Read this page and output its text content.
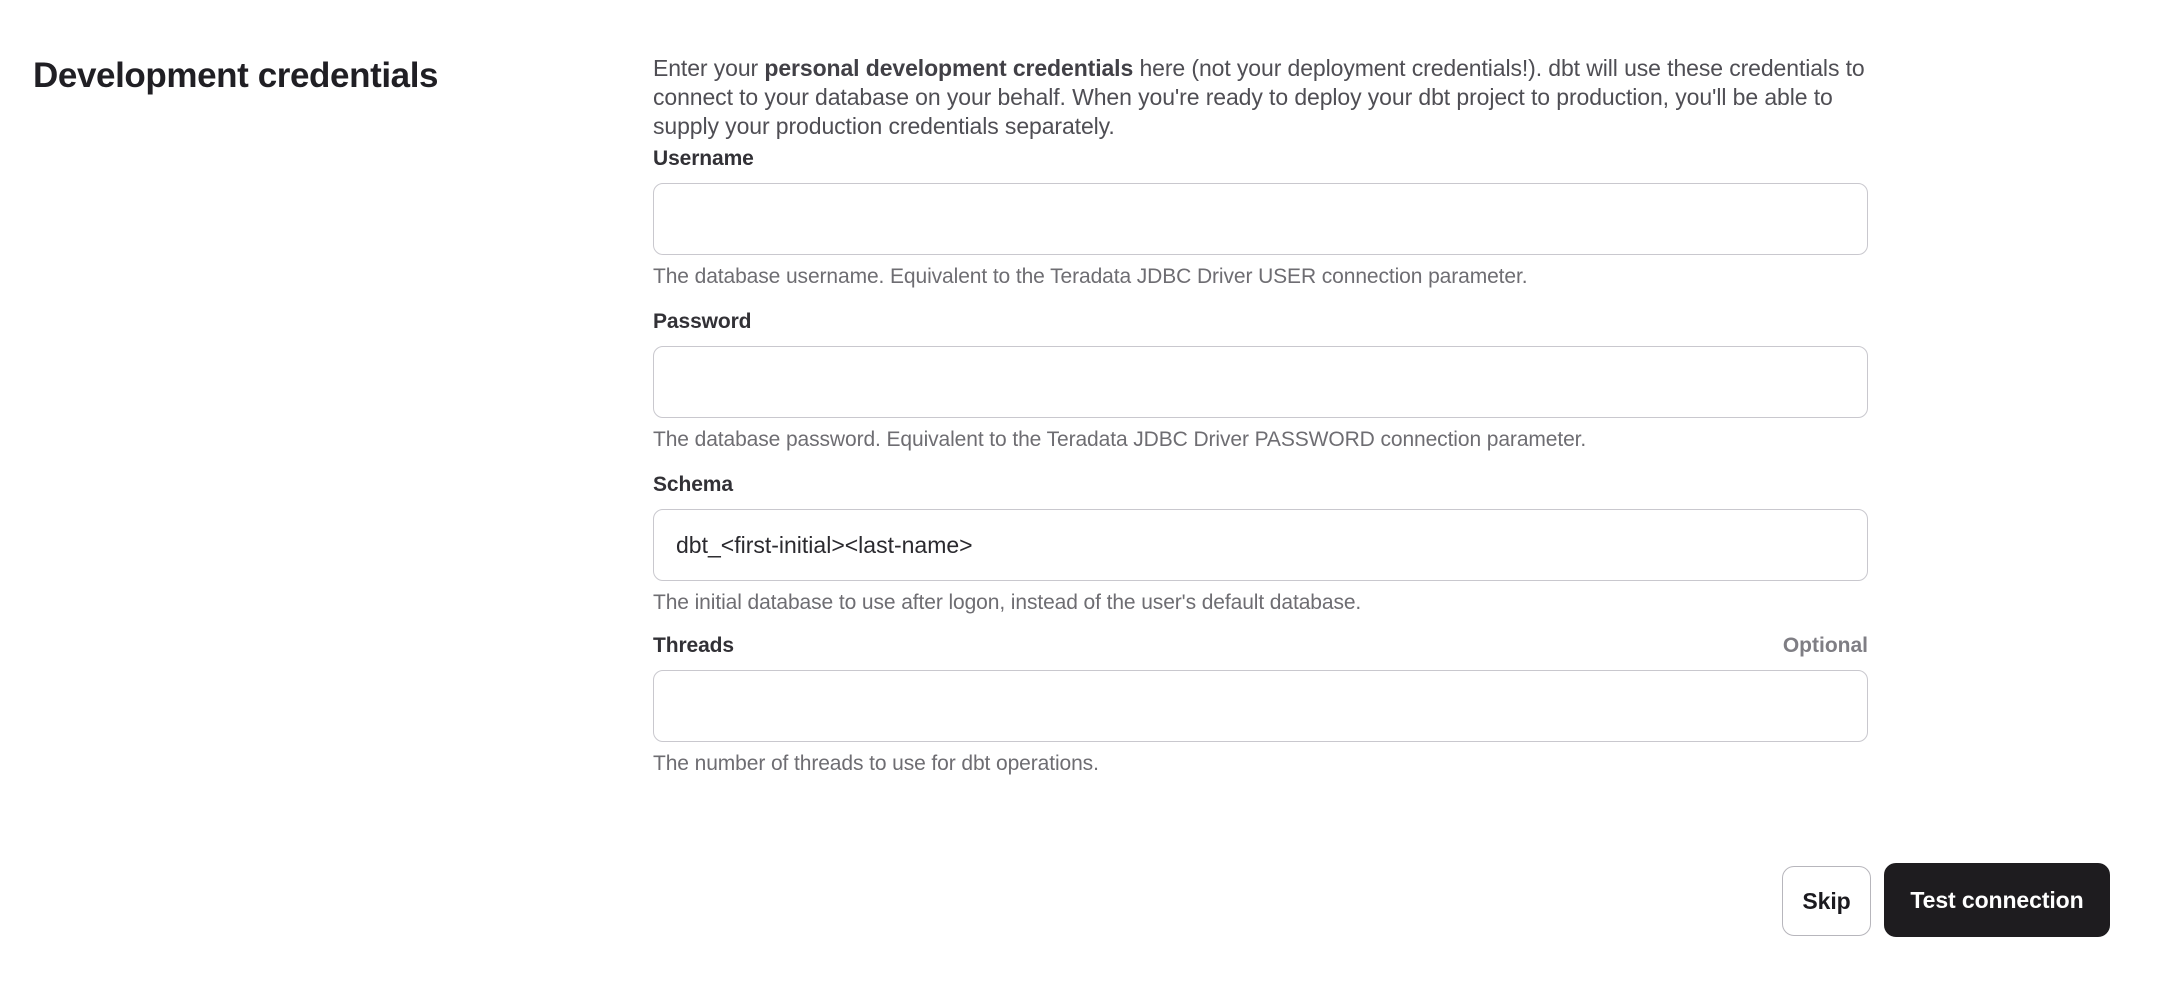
Development credentials	Enter your personal development credentials here (not your deployment credentials!). dbt will use these credentials to connect to your database on your behalf. When you're ready to deploy your dbt project to production, you'll be able to supply your production credentials separately.

Username
The database username. Equivalent to the Teradata JDBC Driver USER connection parameter.
Password
The database password. Equivalent to the Teradata JDBC Driver PASSWORD connection parameter.
Schema
dbt_<first-initial><last-name>
The initial database to use after logon, instead of the user's default database.
Threads	Optional
The number of threads to use for dbt operations.
Skip	Test connection
